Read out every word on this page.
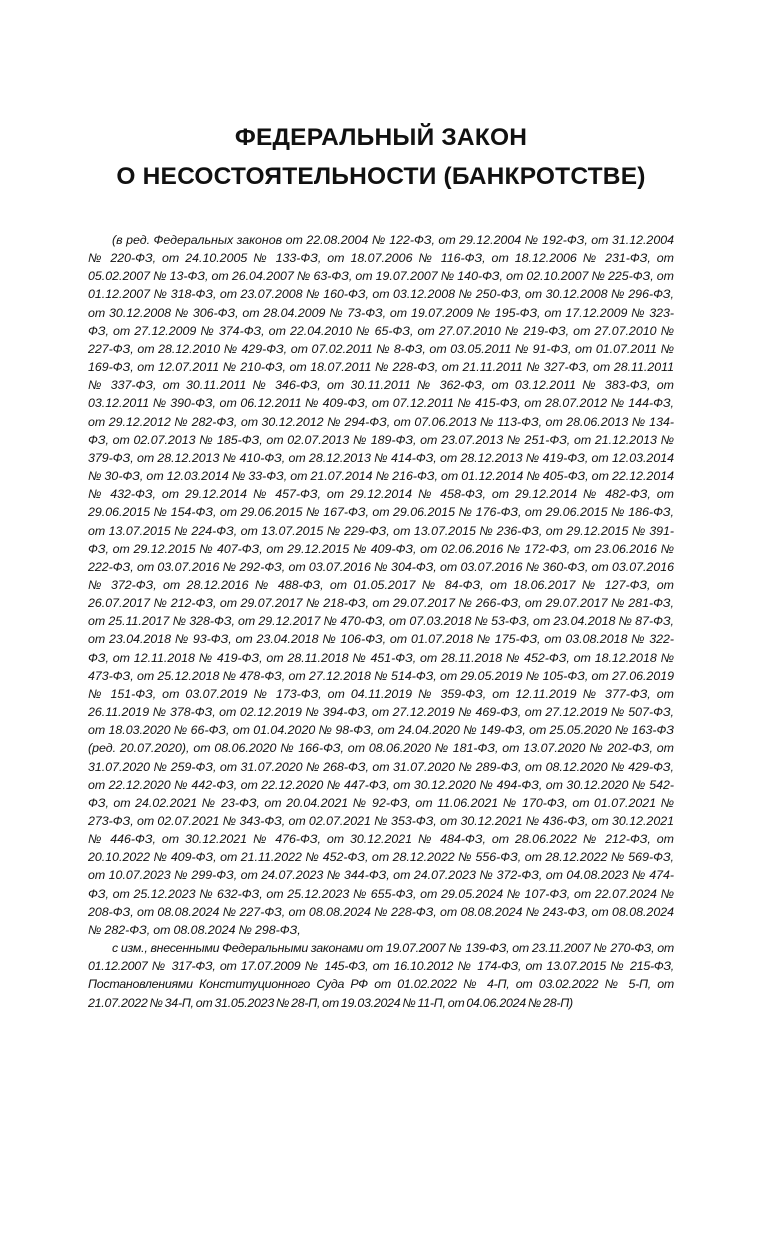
ФЕДЕРАЛЬНЫЙ ЗАКОН
О НЕСОСТОЯТЕЛЬНОСТИ (БАНКРОТСТВЕ)

(в ред. Федеральных законов от 22.08.2004 № 122-ФЗ, от 29.12.2004 № 192-ФЗ, от 31.12.2004 № 220-ФЗ, от 24.10.2005 № 133-ФЗ, от 18.07.2006 № 116-ФЗ, от 18.12.2006 № 231-ФЗ, от 05.02.2007 № 13-ФЗ, от 26.04.2007 № 63-ФЗ, от 19.07.2007 № 140-ФЗ, от 02.10.2007 № 225-ФЗ, от 01.12.2007 № 318-ФЗ, от 23.07.2008 № 160-ФЗ, от 03.12.2008 № 250-ФЗ, от 30.12.2008 № 296-ФЗ, от 30.12.2008 № 306-ФЗ, от 28.04.2009 № 73-ФЗ, от 19.07.2009 № 195-ФЗ, от 17.12.2009 № 323-ФЗ, от 27.12.2009 № 374-ФЗ, от 22.04.2010 № 65-ФЗ, от 27.07.2010 № 219-ФЗ, от 27.07.2010 № 227-ФЗ, от 28.12.2010 № 429-ФЗ, от 07.02.2011 № 8-ФЗ, от 03.05.2011 № 91-ФЗ, от 01.07.2011 № 169-ФЗ, от 12.07.2011 № 210-ФЗ, от 18.07.2011 № 228-ФЗ, от 21.11.2011 № 327-ФЗ, от 28.11.2011 № 337-ФЗ, от 30.11.2011 № 346-ФЗ, от 30.11.2011 № 362-ФЗ, от 03.12.2011 № 383-ФЗ, от 03.12.2011 № 390-ФЗ, от 06.12.2011 № 409-ФЗ, от 07.12.2011 № 415-ФЗ, от 28.07.2012 № 144-ФЗ, от 29.12.2012 № 282-ФЗ, от 30.12.2012 № 294-ФЗ, от 07.06.2013 № 113-ФЗ, от 28.06.2013 № 134-ФЗ, от 02.07.2013 № 185-ФЗ, от 02.07.2013 № 189-ФЗ, от 23.07.2013 № 251-ФЗ, от 21.12.2013 № 379-ФЗ, от 28.12.2013 № 410-ФЗ, от 28.12.2013 № 414-ФЗ, от 28.12.2013 № 419-ФЗ, от 12.03.2014 № 30-ФЗ, от 12.03.2014 № 33-ФЗ, от 21.07.2014 № 216-ФЗ, от 01.12.2014 № 405-ФЗ, от 22.12.2014 № 432-ФЗ, от 29.12.2014 № 457-ФЗ, от 29.12.2014 № 458-ФЗ, от 29.12.2014 № 482-ФЗ, от 29.06.2015 № 154-ФЗ, от 29.06.2015 № 167-ФЗ, от 29.06.2015 № 176-ФЗ, от 29.06.2015 № 186-ФЗ, от 13.07.2015 № 224-ФЗ, от 13.07.2015 № 229-ФЗ, от 13.07.2015 № 236-ФЗ, от 29.12.2015 № 391-ФЗ, от 29.12.2015 № 407-ФЗ, от 29.12.2015 № 409-ФЗ, от 02.06.2016 № 172-ФЗ, от 23.06.2016 № 222-ФЗ, от 03.07.2016 № 292-ФЗ, от 03.07.2016 № 304-ФЗ, от 03.07.2016 № 360-ФЗ, от 03.07.2016 № 372-ФЗ, от 28.12.2016 № 488-ФЗ, от 01.05.2017 № 84-ФЗ, от 18.06.2017 № 127-ФЗ, от 26.07.2017 № 212-ФЗ, от 29.07.2017 № 218-ФЗ, от 29.07.2017 № 266-ФЗ, от 29.07.2017 № 281-ФЗ, от 25.11.2017 № 328-ФЗ, от 29.12.2017 № 470-ФЗ, от 07.03.2018 № 53-ФЗ, от 23.04.2018 № 87-ФЗ, от 23.04.2018 № 93-ФЗ, от 23.04.2018 № 106-ФЗ, от 01.07.2018 № 175-ФЗ, от 03.08.2018 № 322-ФЗ, от 12.11.2018 № 419-ФЗ, от 28.11.2018 № 451-ФЗ, от 28.11.2018 № 452-ФЗ, от 18.12.2018 № 473-ФЗ, от 25.12.2018 № 478-ФЗ, от 27.12.2018 № 514-ФЗ, от 29.05.2019 № 105-ФЗ, от 27.06.2019 № 151-ФЗ, от 03.07.2019 № 173-ФЗ, от 04.11.2019 № 359-ФЗ, от 12.11.2019 № 377-ФЗ, от 26.11.2019 № 378-ФЗ, от 02.12.2019 № 394-ФЗ, от 27.12.2019 № 469-ФЗ, от 27.12.2019 № 507-ФЗ, от 18.03.2020 № 66-ФЗ, от 01.04.2020 № 98-ФЗ, от 24.04.2020 № 149-ФЗ, от 25.05.2020 № 163-ФЗ (ред. 20.07.2020), от 08.06.2020 № 166-ФЗ, от 08.06.2020 № 181-ФЗ, от 13.07.2020 № 202-ФЗ, от 31.07.2020 № 259-ФЗ, от 31.07.2020 № 268-ФЗ, от 31.07.2020 № 289-ФЗ, от 08.12.2020 № 429-ФЗ, от 22.12.2020 № 442-ФЗ, от 22.12.2020 № 447-ФЗ, от 30.12.2020 № 494-ФЗ, от 30.12.2020 № 542-ФЗ, от 24.02.2021 № 23-ФЗ, от 20.04.2021 № 92-ФЗ, от 11.06.2021 № 170-ФЗ, от 01.07.2021 № 273-ФЗ, от 02.07.2021 № 343-ФЗ, от 02.07.2021 № 353-ФЗ, от 30.12.2021 № 436-ФЗ, от 30.12.2021 № 446-ФЗ, от 30.12.2021 № 476-ФЗ, от 30.12.2021 № 484-ФЗ, от 28.06.2022 № 212-ФЗ, от 20.10.2022 № 409-ФЗ, от 21.11.2022 № 452-ФЗ, от 28.12.2022 № 556-ФЗ, от 28.12.2022 № 569-ФЗ, от 10.07.2023 № 299-ФЗ, от 24.07.2023 № 344-ФЗ, от 24.07.2023 № 372-ФЗ, от 04.08.2023 № 474-ФЗ, от 25.12.2023 № 632-ФЗ, от 25.12.2023 № 655-ФЗ, от 29.05.2024 № 107-ФЗ, от 22.07.2024 № 208-ФЗ, от 08.08.2024 № 227-ФЗ, от 08.08.2024 № 228-ФЗ, от 08.08.2024 № 243-ФЗ, от 08.08.2024 № 282-ФЗ, от 08.08.2024 № 298-ФЗ,

с изм., внесенными Федеральными законами от 19.07.2007 № 139-ФЗ, от 23.11.2007 № 270-ФЗ, от 01.12.2007 № 317-ФЗ, от 17.07.2009 № 145-ФЗ, от 16.10.2012 № 174-ФЗ, от 13.07.2015 № 215-ФЗ, Постановлениями Конституционного Суда РФ от 01.02.2022 № 4-П, от 03.02.2022 № 5-П, от 21.07.2022 № 34-П, от 31.05.2023 № 28-П, от 19.03.2024 № 11-П, от 04.06.2024 № 28-П)
